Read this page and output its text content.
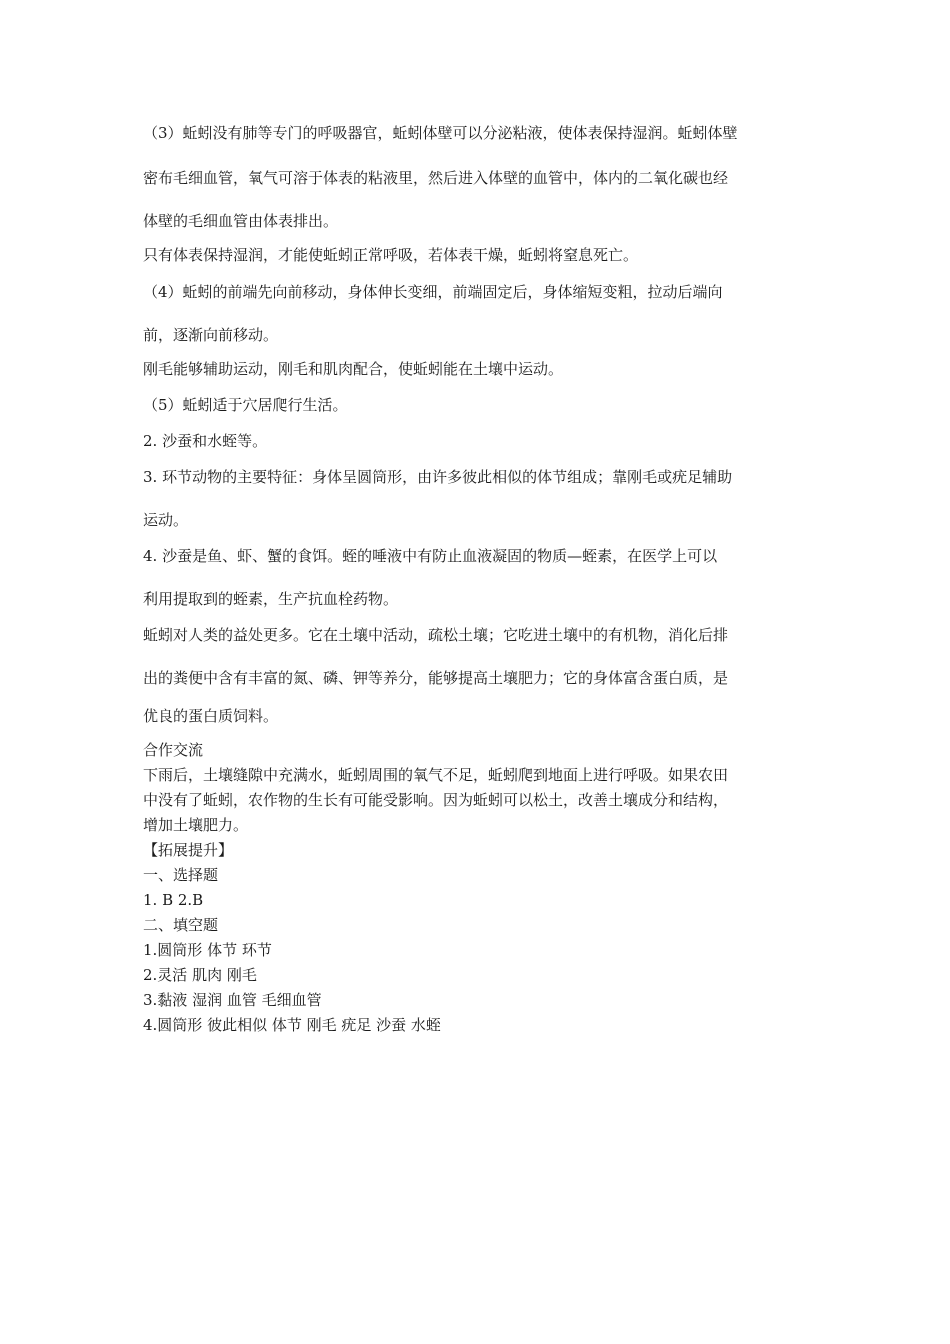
（3）蚯蚓没有肺等专门的呼吸器官，蚯蚓体壁可以分泌粘液，使体表保持湿润。蚯蚓体壁

密布毛细血管，氧气可溶于体表的粘液里，然后进入体壁的血管中，体内的二氧化碳也经

体壁的毛细血管由体表排出。

只有体表保持湿润，才能使蚯蚓正常呼吸，若体表干燥，蚯蚓将窒息死亡。

（4）蚯蚓的前端先向前移动，身体伸长变细，前端固定后，身体缩短变粗，拉动后端向

前，逐渐向前移动。

刚毛能够辅助运动，刚毛和肌肉配合，使蚯蚓能在土壤中运动。

（5）蚯蚓适于穴居爬行生活。

2. 沙蚕和水蛭等。

3. 环节动物的主要特征：身体呈圆筒形，由许多彼此相似的体节组成；靠刚毛或疣足辅助

运动。

4. 沙蚕是鱼、虾、蟹的食饵。蛭的唾液中有防止血液凝固的物质—蛭素，在医学上可以

利用提取到的蛭素，生产抗血栓药物。

蚯蚓对人类的益处更多。它在土壤中活动，疏松土壤；它吃进土壤中的有机物，消化后排

出的粪便中含有丰富的氮、磷、钾等养分，能够提高土壤肥力；它的身体富含蛋白质，是

优良的蛋白质饲料。

合作交流
下雨后，土壤缝隙中充满水，蚯蚓周围的氧气不足，蚯蚓爬到地面上进行呼吸。如果农田
中没有了蚯蚓，农作物的生长有可能受影响。因为蚯蚓可以松土，改善土壤成分和结构，
增加土壤肥力。
【拓展提升】
一、选择题
1. B 2.B
二、填空题
1.圆筒形 体节 环节
2.灵活 肌肉 刚毛
3.黏液 湿润 血管 毛细血管
4.圆筒形 彼此相似 体节 刚毛 疣足 沙蚕 水蛭
